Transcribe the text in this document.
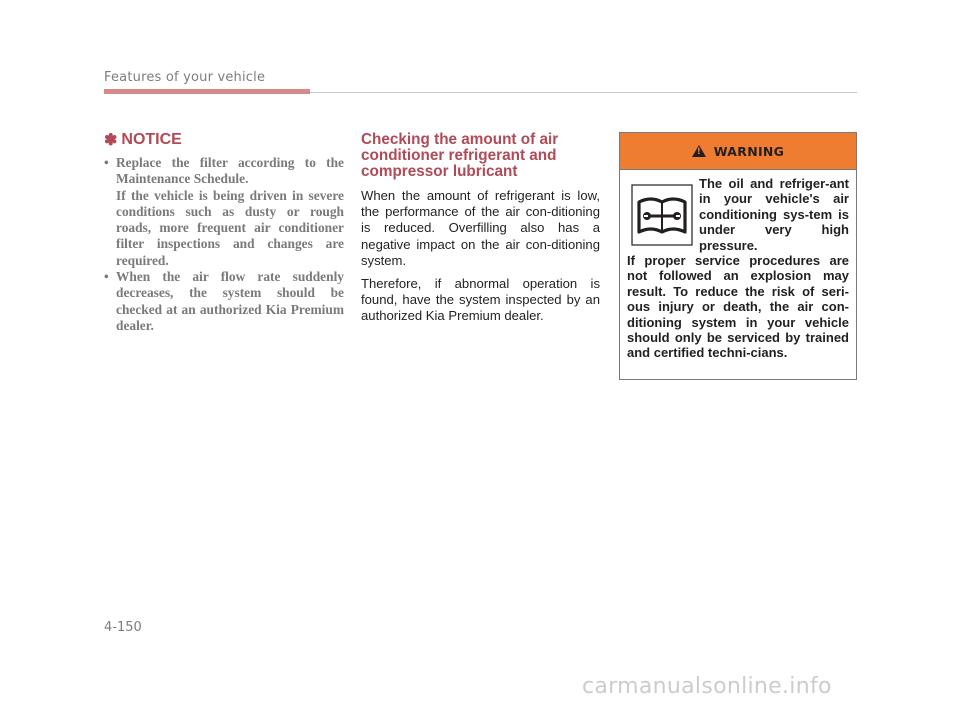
Features of your vehicle
✽ NOTICE
• Replace the filter according to the Maintenance Schedule.
If the vehicle is being driven in severe conditions such as dusty or rough roads, more frequent air conditioner filter inspections and changes are required.
• When the air flow rate suddenly decreases, the system should be checked at an authorized Kia Premium dealer.
Checking the amount of air conditioner refrigerant and compressor lubricant

When the amount of refrigerant is low, the performance of the air con-ditioning is reduced. Overfilling also has a negative impact on the air con-ditioning system.

Therefore, if abnormal operation is found, have the system inspected by an authorized Kia Premium dealer.

! WARNING
The oil and refriger-ant in your vehicle's air conditioning sys-tem is under very high pressure.
If proper service procedures are not followed an explosion may result. To reduce the risk of seri-ous injury or death, the air con-ditioning system in your vehicle should only be serviced by trained and certified techni-cians.
4-150
carmanualsonline.info
